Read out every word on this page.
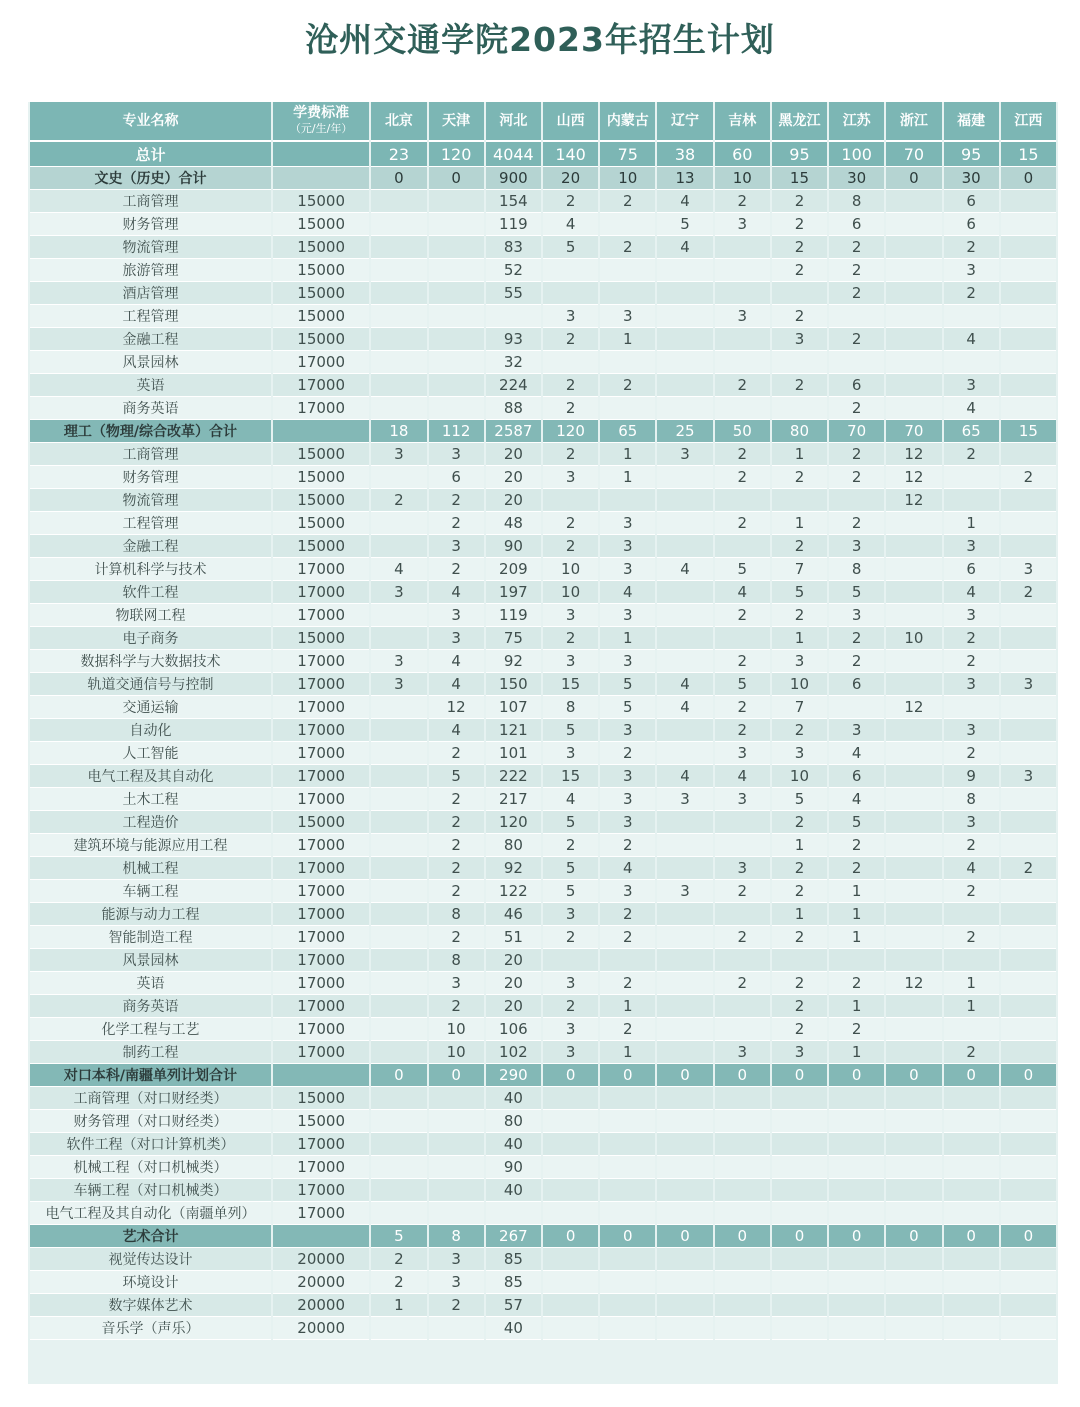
沧州交通学院2023年招生计划
专业名称	学费标准
（元/生/年）	北京	天津	河北	山西	内蒙古	辽宁	吉林	黑龙江	江苏	浙江	福建	江西
总计		23	120	4044	140	75	38	60	95	100	70	95	15
文史（历史）合计		0	0	900	20	10	13	10	15	30	0	30	0
工商管理	15000			154	2	2	4	2	2	8		6	
财务管理	15000			119	4		5	3	2	6		6	
物流管理	15000			83	5	2	4		2	2		2	
旅游管理	15000			52					2	2		3	
酒店管理	15000			55						2		2	
工程管理	15000				3	3		3	2				
金融工程	15000			93	2	1			3	2		4	
风景园林	17000			32									
英语	17000			224	2	2		2	2	6		3	
商务英语	17000			88	2					2		4	
理工（物理/综合改革）合计		18	112	2587	120	65	25	50	80	70	70	65	15
工商管理	15000	3	3	20	2	1	3	2	1	2	12	2	
财务管理	15000		6	20	3	1		2	2	2	12		2
物流管理	15000	2	2	20							12		
工程管理	15000		2	48	2	3		2	1	2		1	
金融工程	15000		3	90	2	3			2	3		3	
计算机科学与技术	17000	4	2	209	10	3	4	5	7	8		6	3
软件工程	17000	3	4	197	10	4		4	5	5		4	2
物联网工程	17000		3	119	3	3		2	2	3		3	
电子商务	15000		3	75	2	1			1	2	10	2	
数据科学与大数据技术	17000	3	4	92	3	3		2	3	2		2	
轨道交通信号与控制	17000	3	4	150	15	5	4	5	10	6		3	3
交通运输	17000		12	107	8	5	4	2	7		12		
自动化	17000		4	121	5	3		2	2	3		3	
人工智能	17000		2	101	3	2		3	3	4		2	
电气工程及其自动化	17000		5	222	15	3	4	4	10	6		9	3
土木工程	17000		2	217	4	3	3	3	5	4		8	
工程造价	15000		2	120	5	3			2	5		3	
建筑环境与能源应用工程	17000		2	80	2	2			1	2		2	
机械工程	17000		2	92	5	4		3	2	2		4	2
车辆工程	17000		2	122	5	3	3	2	2	1		2	
能源与动力工程	17000		8	46	3	2			1	1			
智能制造工程	17000		2	51	2	2		2	2	1		2	
风景园林	17000		8	20									
英语	17000		3	20	3	2		2	2	2	12	1	
商务英语	17000		2	20	2	1			2	1		1	
化学工程与工艺	17000		10	106	3	2			2	2			
制药工程	17000		10	102	3	1		3	3	1		2	
对口本科/南疆单列计划合计		0	0	290	0	0	0	0	0	0	0	0	0
工商管理（对口财经类）	15000			40									
财务管理（对口财经类）	15000			80									
软件工程（对口计算机类）	17000			40									
机械工程（对口机械类）	17000			90									
车辆工程（对口机械类）	17000			40									
电气工程及其自动化（南疆单列）	17000												
艺术合计		5	8	267	0	0	0	0	0	0	0	0	0
视觉传达设计	20000	2	3	85									
环境设计	20000	2	3	85									
数字媒体艺术	20000	1	2	57									
音乐学（声乐）	20000			40									
